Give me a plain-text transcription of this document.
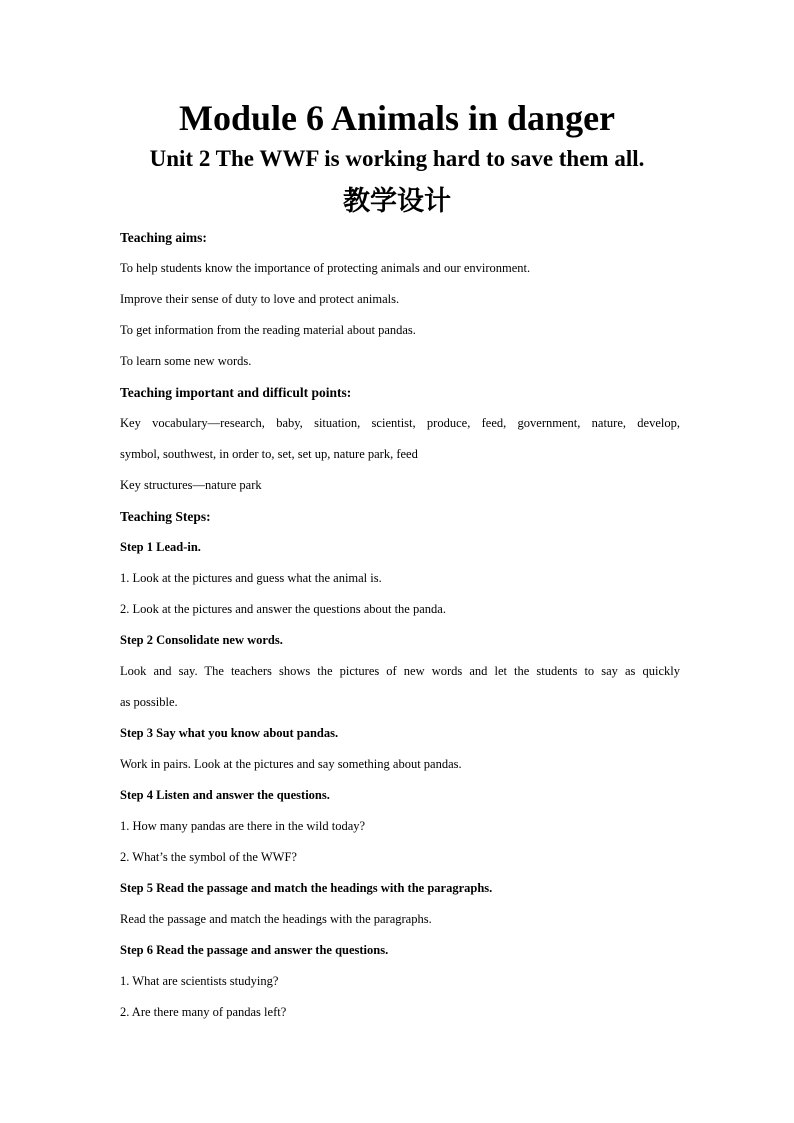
Module 6 Animals in danger
Unit 2 The WWF is working hard to save them all.
教学设计
Teaching aims:
To help students know the importance of protecting animals and our environment.
Improve their sense of duty to love and protect animals.
To get information from the reading material about pandas.
To learn some new words.
Teaching important and difficult points:
Key vocabulary—research, baby, situation, scientist, produce, feed, government, nature, develop,
symbol, southwest, in order to, set, set up, nature park, feed
Key structures—nature park
Teaching Steps:
Step 1 Lead-in.
1. Look at the pictures and guess what the animal is.
2. Look at the pictures and answer the questions about the panda.
Step 2 Consolidate new words.
Look and say. The teachers shows the pictures of new words and let the students to say as quickly
as possible.
Step 3 Say what you know about pandas.
Work in pairs. Look at the pictures and say something about pandas.
Step 4 Listen and answer the questions.
1. How many pandas are there in the wild today?
2. What’s the symbol of the WWF?
Step 5 Read the passage and match the headings with the paragraphs.
Read the passage and match the headings with the paragraphs.
Step 6 Read the passage and answer the questions.
1. What are scientists studying?
2. Are there many of pandas left?
